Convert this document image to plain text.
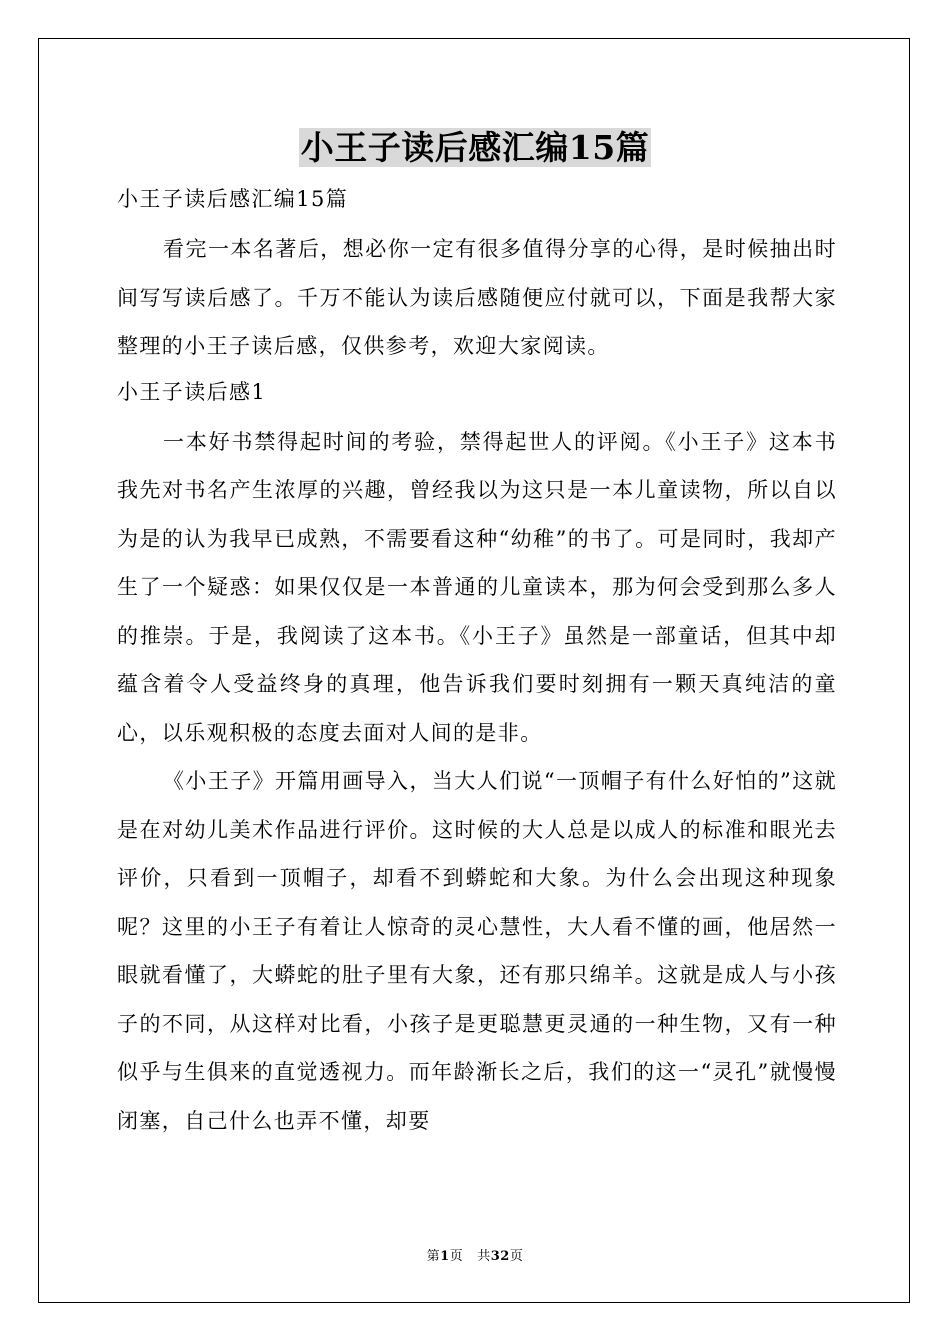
小王子读后感汇编15篇
小王子读后感汇编15篇

看完一本名著后，想必你一定有很多值得分享的心得，是时候抽出时间写写读后感了。千万不能认为读后感随便应付就可以，下面是我帮大家整理的小王子读后感，仅供参考，欢迎大家阅读。

小王子读后感1

一本好书禁得起时间的考验，禁得起世人的评阅。《小王子》这本书我先对书名产生浓厚的兴趣，曾经我以为这只是一本儿童读物，所以自以为是的认为我早已成熟，不需要看这种“幼稚”的书了。可是同时，我却产生了一个疑惑：如果仅仅是一本普通的儿童读本，那为何会受到那么多人的推崇。于是，我阅读了这本书。《小王子》虽然是一部童话，但其中却蕴含着令人受益终身的真理，他告诉我们要时刻拥有一颗天真纯洁的童心，以乐观积极的态度去面对人间的是非。

《小王子》开篇用画导入，当大人们说“一顶帽子有什么好怕的”这就是在对幼儿美术作品进行评价。这时候的大人总是以成人的标准和眼光去评价，只看到一顶帽子，却看不到蟒蛇和大象。为什么会出现这种现象呢？这里的小王子有着让人惊奇的灵心慧性，大人看不懂的画，他居然一眼就看懂了，大蟒蛇的肚子里有大象，还有那只绵羊。这就是成人与小孩子的不同，从这样对比看，小孩子是更聪慧更灵通的一种生物，又有一种似乎与生俱来的直觉透视力。而年龄渐长之后，我们的这一“灵孔”就慢慢闭塞，自己什么也弄不懂，却要

第1页 共32页
